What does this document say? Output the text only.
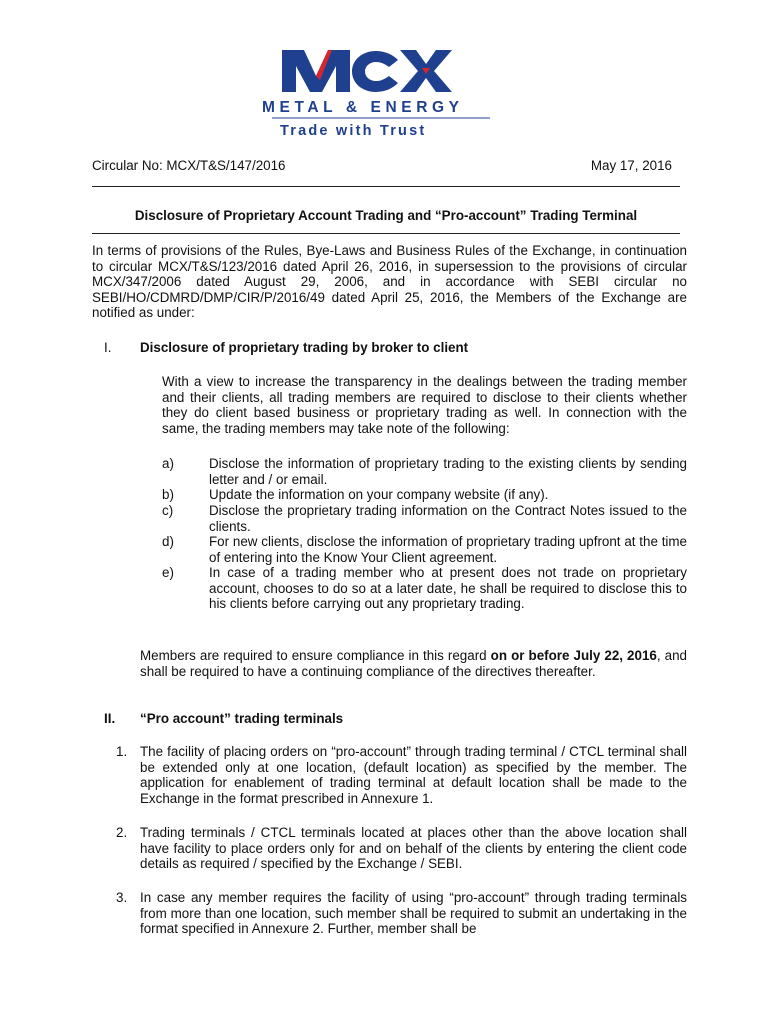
METAL & ENERGY
Trade with Trust
MCX
Circular No: MCX/T&S/147/2016	May 17, 2016
Disclosure of Proprietary Account Trading and “Pro-account” Trading Terminal
In terms of provisions of the Rules, Bye-Laws and Business Rules of the Exchange, in continuation to circular MCX/T&S/123/2016 dated April 26, 2016, in supersession to the provisions of circular MCX/347/2006 dated August 29, 2006, and in accordance with SEBI circular no SEBI/HO/CDMRD/DMP/CIR/P/2016/49 dated April 25, 2016, the Members of the Exchange are notified as under:
I. Disclosure of proprietary trading by broker to client
With a view to increase the transparency in the dealings between the trading member and their clients, all trading members are required to disclose to their clients whether they do client based business or proprietary trading as well. In connection with the same, the trading members may take note of the following:
a)	Disclose the information of proprietary trading to the existing clients by sending letter and / or email.
b)	Update the information on your company website (if any).
c)	Disclose the proprietary trading information on the Contract Notes issued to the clients.
d)	For new clients, disclose the information of proprietary trading upfront at the time of entering into the Know Your Client agreement.
e)	In case of a trading member who at present does not trade on proprietary account, chooses to do so at a later date, he shall be required to disclose this to his clients before carrying out any proprietary trading.
Members are required to ensure compliance in this regard on or before July 22, 2016, and shall be required to have a continuing compliance of the directives thereafter.
II. “Pro account” trading terminals
1. The facility of placing orders on “pro-account” through trading terminal / CTCL terminal shall be extended only at one location, (default location) as specified by the member. The application for enablement of trading terminal at default location shall be made to the Exchange in the format prescribed in Annexure 1.
2. Trading terminals / CTCL terminals located at places other than the above location shall have facility to place orders only for and on behalf of the clients by entering the client code details as required / specified by the Exchange / SEBI.
3. In case any member requires the facility of using “pro-account” through trading terminals from more than one location, such member shall be required to submit an undertaking in the format specified in Annexure 2. Further, member shall be
